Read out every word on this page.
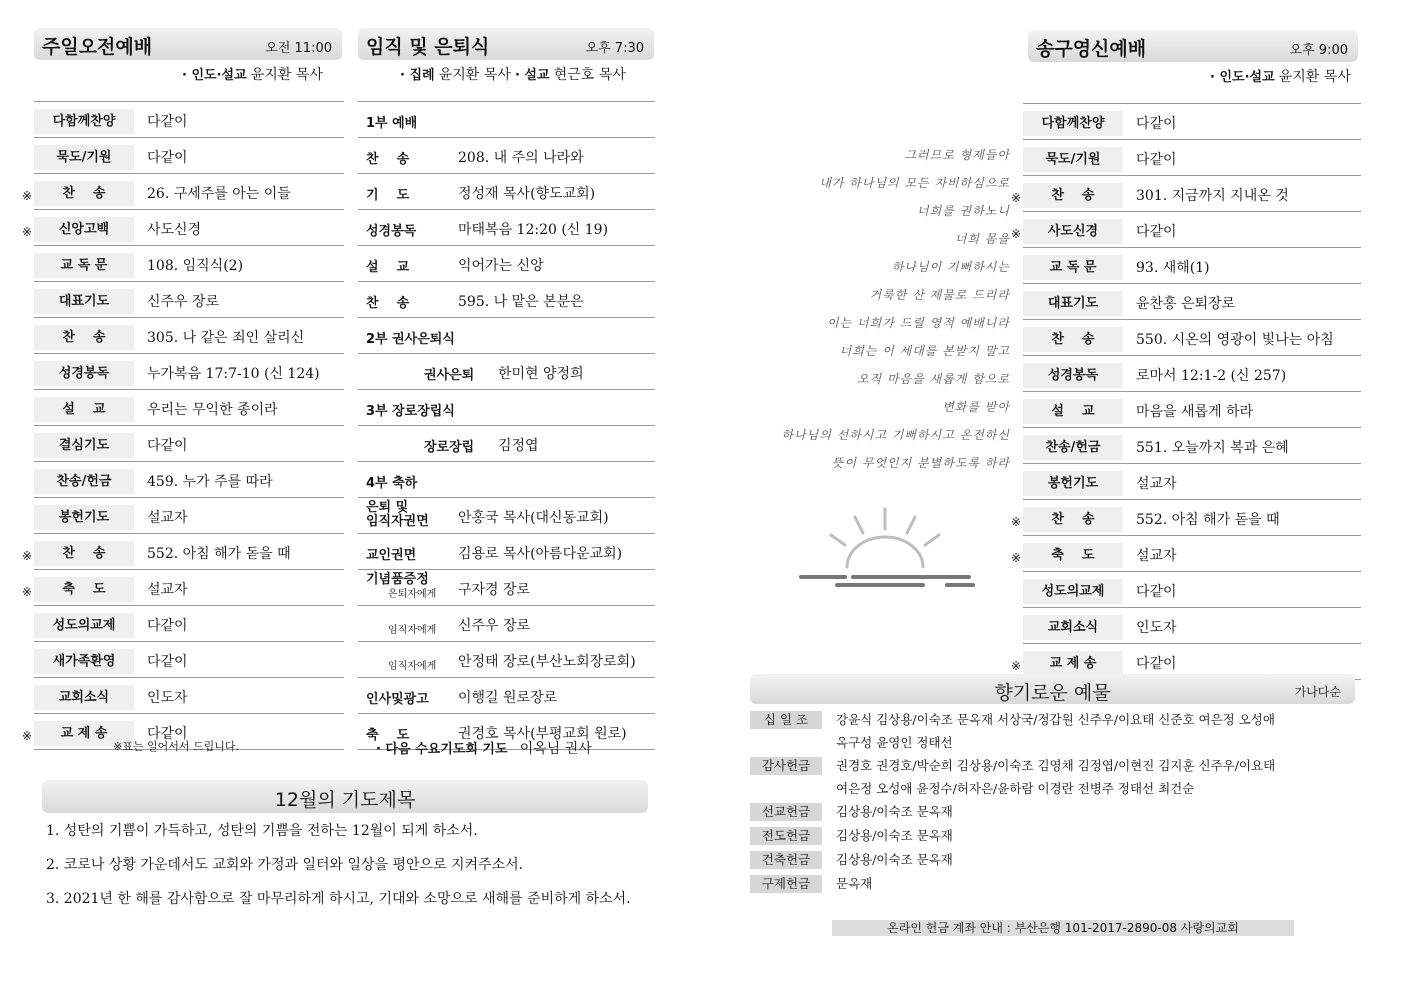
주일오전예배	오전 11:00
· 인도·설교 윤지환 목사
다함께찬양	다같이
묵도/기원	다같이
※	찬    송	26. 구세주를 아는 이들
※	신앙고백	사도신경
교 독 문	108. 임직식(2)
대표기도	신주우 장로
찬    송	305. 나 같은 죄인 살리신
성경봉독	누가복음 17:7-10 (신 124)
설    교	우리는 무익한 종이라
결심기도	다같이
찬송/헌금	459. 누가 주를 따라
봉헌기도	설교자
※	찬    송	552. 아침 해가 돋을 때
※	축    도	설교자
성도의교제	다같이
새가족환영	다같이
교회소식	인도자
※	교 제 송	다같이
※표는 일어서서 드립니다.
임직 및 은퇴식	오후 7:30
· 집례 윤지환 목사 · 설교 현근호 목사
1부 예배
찬    송	208. 내 주의 나라와
기    도	정성재 목사(향도교회)
성경봉독	마태복음 12:20 (신 19)
설    교	익어가는 신앙
찬    송	595. 나 맡은 본분은
2부 권사은퇴식
권사은퇴 한미현 양정희
3부 장로장립식
장로장립 김정엽
4부 축하
은퇴 및
임직자권면 안홍국 목사(대신동교회)
교인권면	김용로 목사(아름다운교회)
기념품증정
은퇴자에게 구자경 장로
임직자에게 신주우 장로
임직자에게 안정태 장로(부산노회장로회)
인사및광고 이행길 원로장로
축    도	권경호 목사(부평교회 원로)
· 다음 수요기도회 기도 이옥님 권사
12월의 기도제목
1. 성탄의 기쁨이 가득하고, 성탄의 기쁨을 전하는 12월이 되게 하소서.
2. 코로나 상황 가운데서도 교회와 가정과 일터와 일상을 평안으로 지켜주소서.
3. 2021년 한 해를 감사함으로 잘 마무리하게 하시고, 기대와 소망으로 새해를 준비하게 하소서.
그러므로 형제들아
내가 하나님의 모든 자비하심으로
너희를 권하노니
너희 몸을
하나님이 기뻐하시는
거룩한 산 제물로 드리라
이는 너희가 드릴 영적 예배니라
너희는 이 세대를 본받지 말고
오직 마음을 새롭게 함으로
변화를 받아
하나님의 선하시고 기뻐하시고 온전하신
뜻이 무엇인지 분별하도록 하라
송구영신예배	오후 9:00
· 인도·설교 윤지환 목사
다함께찬양	다같이
묵도/기원	다같이
※	찬    송	301. 지금까지 지내온 것
※	사도신경	다같이
교 독 문	93. 새해(1)
대표기도	윤찬홍 은퇴장로
찬    송	550. 시온의 영광이 빛나는 아침
성경봉독	로마서 12:1-2 (신 257)
설    교	마음을 새롭게 하라
찬송/헌금	551. 오늘까지 복과 은혜
봉헌기도	설교자
※	찬    송	552. 아침 해가 돋을 때
※	축    도	설교자
성도의교제	다같이
교회소식	인도자
※	교 제 송	다같이
향기로운 예물	가나다순
십 일 조	강윤식 김상용/이숙조 문옥재 서상국/정갑원 신주우/이요태 신준호 여은정 오성애
옥구성 윤영인 정태선
감사헌금	권경호 권경호/박순희 김상용/이숙조 김영채 김정엽/이현진 김지훈 신주우/이요태
여은정 오성애 윤정수/허자은/윤하람 이경란 전병주 정태선 최건순
선교헌금	김상용/이숙조 문옥재
전도헌금	김상용/이숙조 문옥재
건축헌금	김상용/이숙조 문옥재
구제헌금	문옥재
온라인 헌금 계좌 안내 : 부산은행 101-2017-2890-08 사랑의교회
